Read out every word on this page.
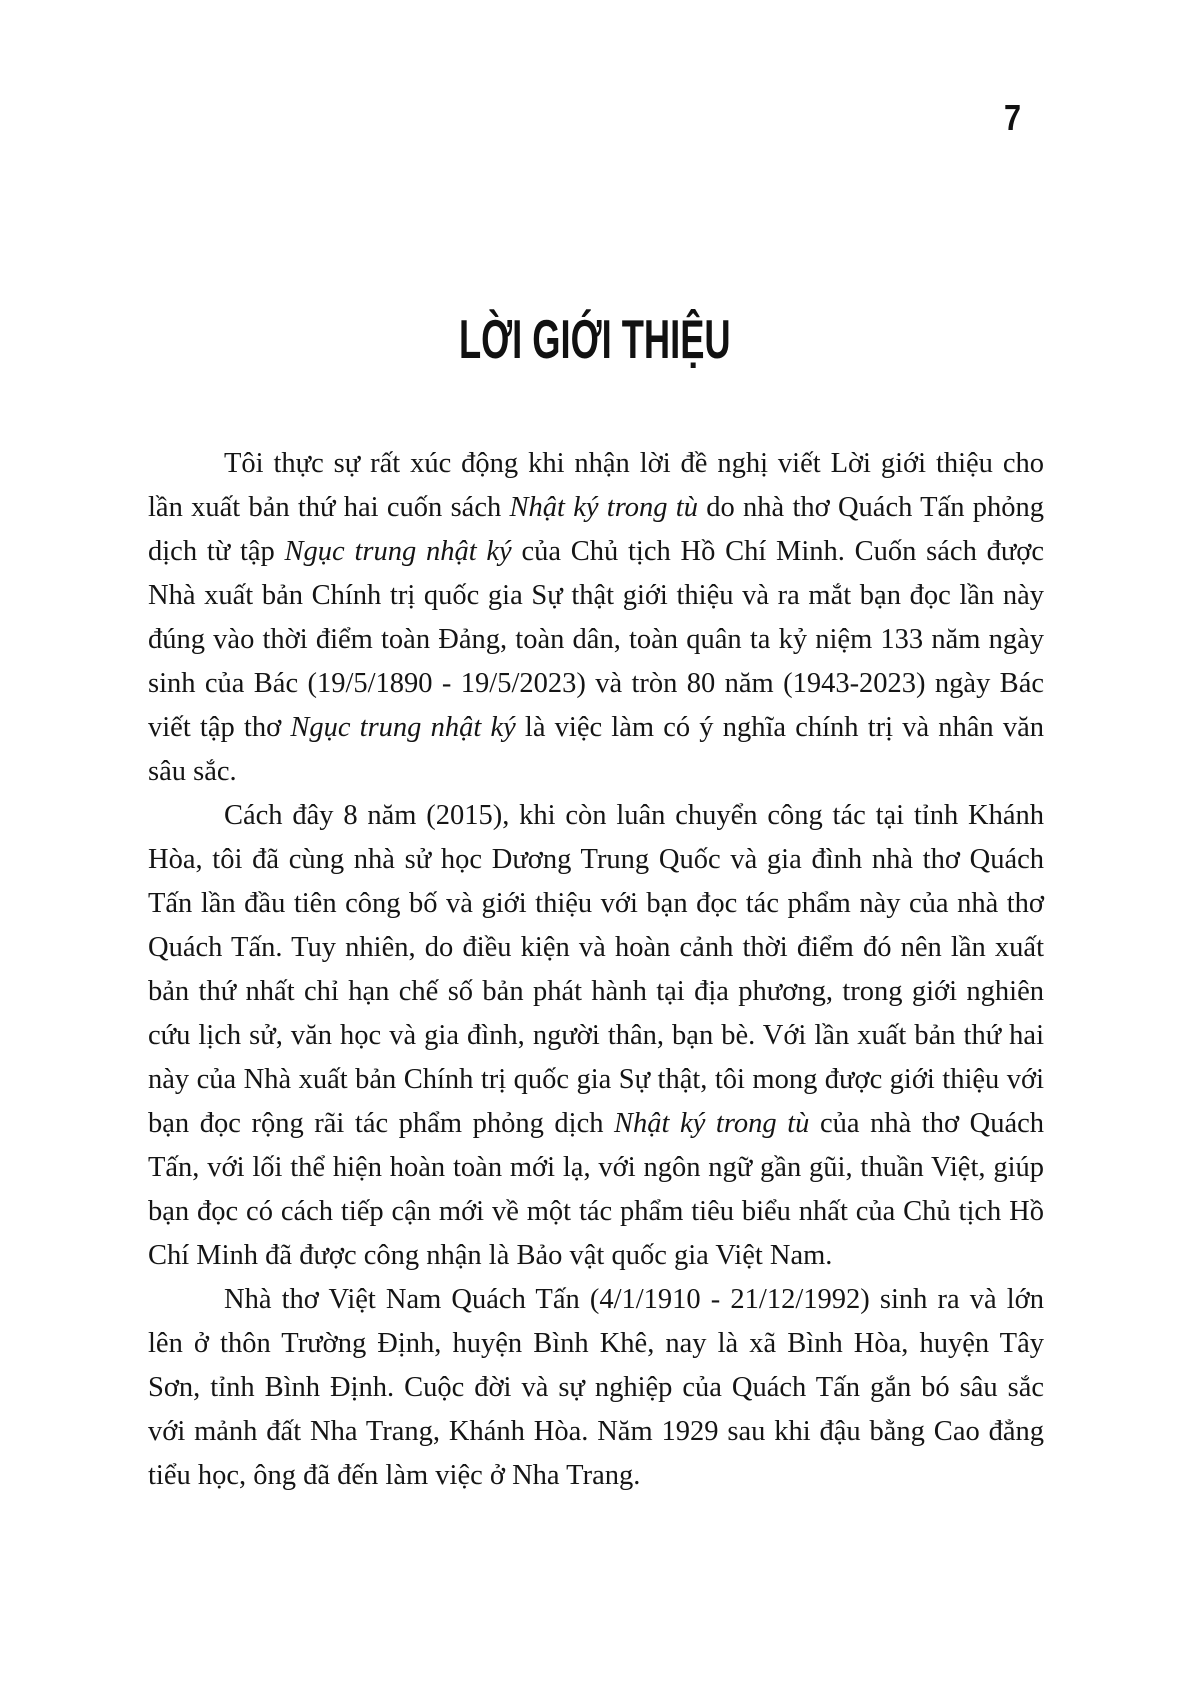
7
LỜI GIỚI THIỆU

Tôi thực sự rất xúc động khi nhận lời đề nghị viết Lời giới thiệu cho lần xuất bản thứ hai cuốn sách Nhật ký trong tù do nhà thơ Quách Tấn phỏng dịch từ tập Ngục trung nhật ký của Chủ tịch Hồ Chí Minh. Cuốn sách được Nhà xuất bản Chính trị quốc gia Sự thật giới thiệu và ra mắt bạn đọc lần này đúng vào thời điểm toàn Đảng, toàn dân, toàn quân ta kỷ niệm 133 năm ngày sinh của Bác (19/5/1890 - 19/5/2023) và tròn 80 năm (1943-2023) ngày Bác viết tập thơ Ngục trung nhật ký là việc làm có ý nghĩa chính trị và nhân văn sâu sắc.

Cách đây 8 năm (2015), khi còn luân chuyển công tác tại tỉnh Khánh Hòa, tôi đã cùng nhà sử học Dương Trung Quốc và gia đình nhà thơ Quách Tấn lần đầu tiên công bố và giới thiệu với bạn đọc tác phẩm này của nhà thơ Quách Tấn. Tuy nhiên, do điều kiện và hoàn cảnh thời điểm đó nên lần xuất bản thứ nhất chỉ hạn chế số bản phát hành tại địa phương, trong giới nghiên cứu lịch sử, văn học và gia đình, người thân, bạn bè. Với lần xuất bản thứ hai này của Nhà xuất bản Chính trị quốc gia Sự thật, tôi mong được giới thiệu với bạn đọc rộng rãi tác phẩm phỏng dịch Nhật ký trong tù của nhà thơ Quách Tấn, với lối thể hiện hoàn toàn mới lạ, với ngôn ngữ gần gũi, thuần Việt, giúp bạn đọc có cách tiếp cận mới về một tác phẩm tiêu biểu nhất của Chủ tịch Hồ Chí Minh đã được công nhận là Bảo vật quốc gia Việt Nam.

Nhà thơ Việt Nam Quách Tấn (4/1/1910 - 21/12/1992) sinh ra và lớn lên ở thôn Trường Định, huyện Bình Khê, nay là xã Bình Hòa, huyện Tây Sơn, tỉnh Bình Định. Cuộc đời và sự nghiệp của Quách Tấn gắn bó sâu sắc với mảnh đất Nha Trang, Khánh Hòa. Năm 1929 sau khi đậu bằng Cao đẳng tiểu học, ông đã đến làm việc ở Nha Trang.
